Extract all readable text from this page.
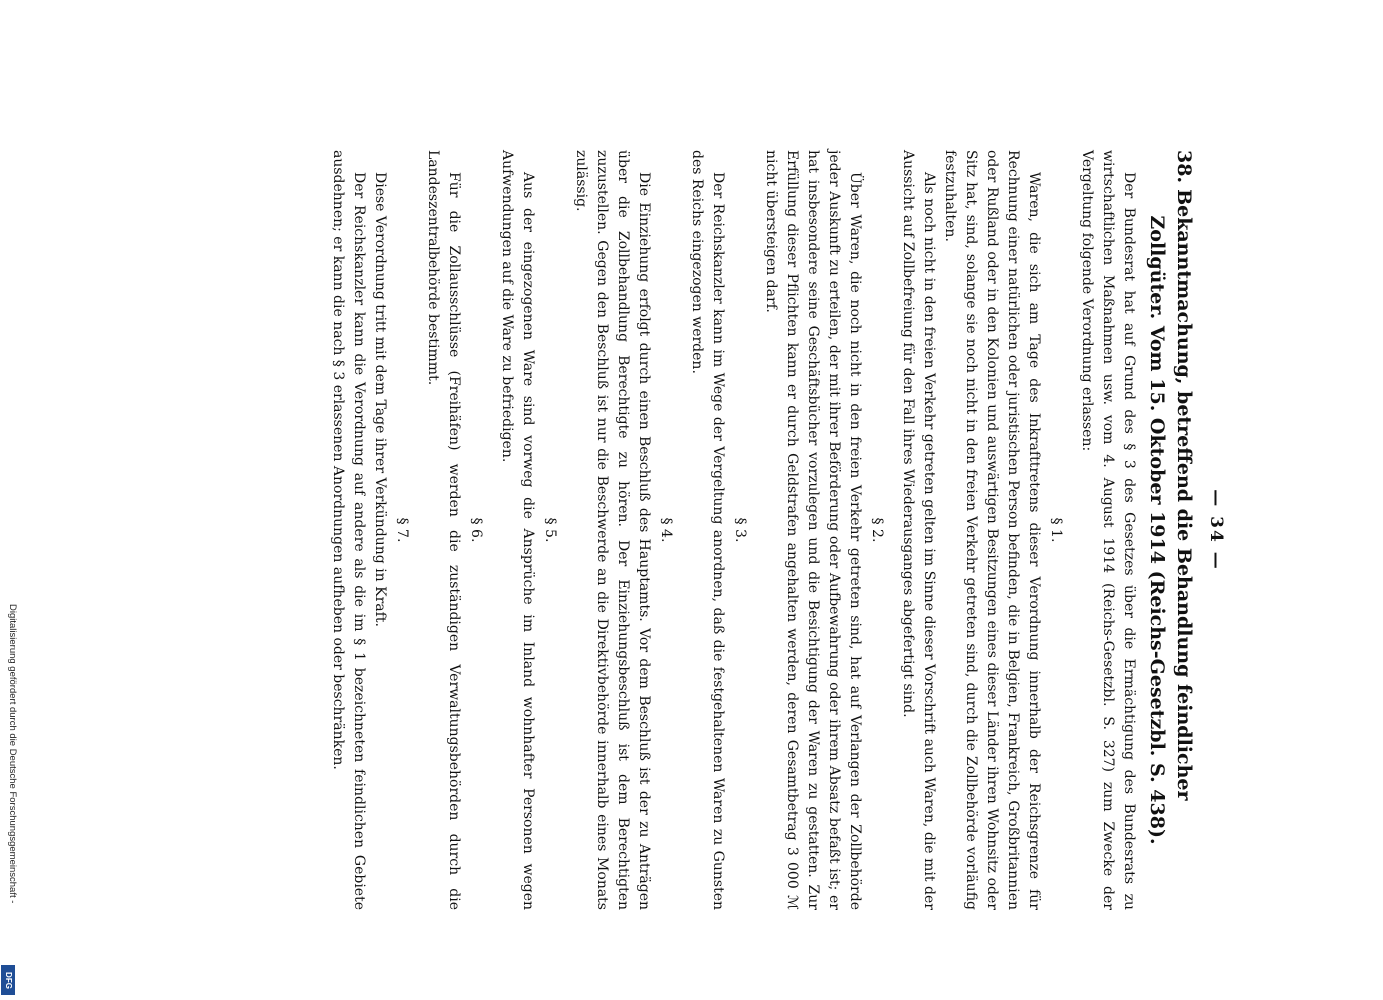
Digitalisierung gefördert durch die Deutsche Forschungsgemeinschaft -
DFG
— 34 —
38.Bekanntmachung, betreffend die Behandlung feindlicher
Zollgüter. Vom 15. Oktober 1914 (Reichs-Gesetzbl. S. 438).

Der Bundesrat hat auf Grund des § 3 des Gesetzes über die Ermächtigung des Bundesrats zu wirtschaftlichen Maßnahmen usw. vom 4. August 1914 (Reichs-Gesetzbl. S. 327) zum Zwecke der Vergeltung folgende Verordnung erlassen:

§ 1.

Waren, die sich am Tage des Inkrafttretens dieser Verordnung innerhalb der Reichsgrenze für Rechnung einer natürlichen oder juristischen Person befinden, die in Belgien, Frankreich, Großbritannien oder Rußland oder in den Kolonien und auswärtigen Besitzungen eines dieser Länder ihren Wohnsitz oder Sitz hat, sind, solange sie noch nicht in den freien Verkehr getreten sind, durch die Zollbehörde vorläufig festzuhalten.

Als noch nicht in den freien Verkehr getreten gelten im Sinne dieser Vorschrift auch Waren, die mit der Aussicht auf Zollbefreiung für den Fall ihres Wiederausganges abgefertigt sind.

§ 2.

Über Waren, die noch nicht in den freien Verkehr getreten sind, hat auf Verlangen der Zollbehörde jeder Auskunft zu erteilen, der mit ihrer Beförderung oder Aufbewahrung oder ihrem Absatz befaßt ist; er hat insbesondere seine Geschäftsbücher vorzulegen und die Besichtigung der Waren zu gestatten. Zur Erfüllung dieser Pflichten kann er durch Geldstrafen angehalten werden, deren Gesamtbetrag 3 000 ℳ nicht übersteigen darf.

§ 3.

Der Reichskanzler kann im Wege der Vergeltung anordnen, daß die festgehaltenen Waren zu Gunsten des Reichs eingezogen werden.

§ 4.

Die Einziehung erfolgt durch einen Beschluß des Hauptamts. Vor dem Beschluß ist der zu Anträgen über die Zollbehandlung Berechtigte zu hören. Der Einziehungsbeschluß ist dem Berechtigten zuzustellen. Gegen den Beschluß ist nur die Beschwerde an die Direktivbehörde innerhalb eines Monats zulässig.

§ 5.

Aus der eingezogenen Ware sind vorweg die Ansprüche im Inland wohnhafter Personen wegen Aufwendungen auf die Ware zu befriedigen.

§ 6.

Für die Zollausschlüsse (Freihäfen) werden die zuständigen Verwaltungsbehörden durch die Landeszentralbehörde bestimmt.

§ 7.

Diese Verordnung tritt mit dem Tage ihrer Verkündung in Kraft.

Der Reichskanzler kann die Verordnung auf andere als die im § 1 bezeichneten feindlichen Gebiete ausdehnen; er kann die nach § 3 erlassenen Anordnungen aufheben oder beschränken.
